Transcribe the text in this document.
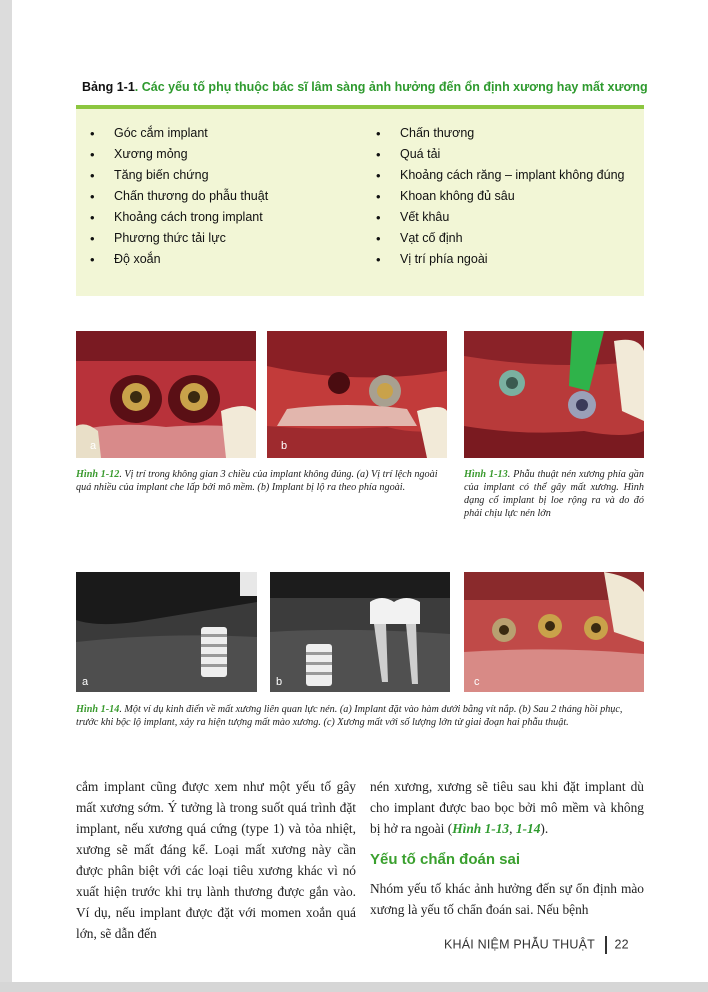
Bảng 1-1. Các yếu tố phụ thuộc bác sĩ lâm sàng ảnh hưởng đến ổn định xương hay mất xương
• Góc cắm implant
• Xương mỏng
• Tăng biến chứng
• Chấn thương do phẫu thuật
• Khoảng cách trong implant
• Phương thức tải lực
• Độ xoắn
• Chấn thương
• Quá tải
• Khoảng cách răng – implant không đúng
• Khoan không đủ sâu
• Vết khâu
• Vạt cố định
• Vị trí phía ngoài
a	b
Hình 1-12. Vị trí trong không gian 3 chiều của implant không đúng. (a) Vị trí lệch ngoài quá nhiều của implant che lấp bởi mô mềm. (b) Implant bị lộ ra theo phía ngoài.
Hình 1-13. Phẫu thuật nén xương phía gần của implant có thể gây mất xương. Hình dạng cổ implant bị loe rộng ra và do đó phải chịu lực nén lớn
a	b	c
Hình 1-14. Một ví dụ kinh điển về mất xương liên quan lực nén. (a) Implant đặt vào hàm dưới bằng vít nắp. (b) Sau 2 tháng hồi phục, trước khi bộc lộ implant, xảy ra hiện tượng mất mào xương. (c) Xương mất với số lượng lớn từ giai đoạn hai phẫu thuật.

cắm implant cũng được xem như một yếu tố gây mất xương sớm. Ý tưởng là trong suốt quá trình đặt implant, nếu xương quá cứng (type 1) và tỏa nhiệt, xương sẽ mất đáng kể. Loại mất xương này cần được phân biệt với các loại tiêu xương khác vì nó xuất hiện trước khi trụ lành thương được gắn vào. Ví dụ, nếu implant được đặt với momen xoắn quá lớn, sẽ dẫn đến

nén xương, xương sẽ tiêu sau khi đặt implant dù cho implant được bao bọc bởi mô mềm và không bị hở ra ngoài (Hình 1-13, 1-14).

Yếu tố chẩn đoán sai

Nhóm yếu tố khác ảnh hưởng đến sự ổn định mào xương là yếu tố chẩn đoán sai. Nếu bệnh

KHÁI NIỆM PHẪU THUẬT 22
